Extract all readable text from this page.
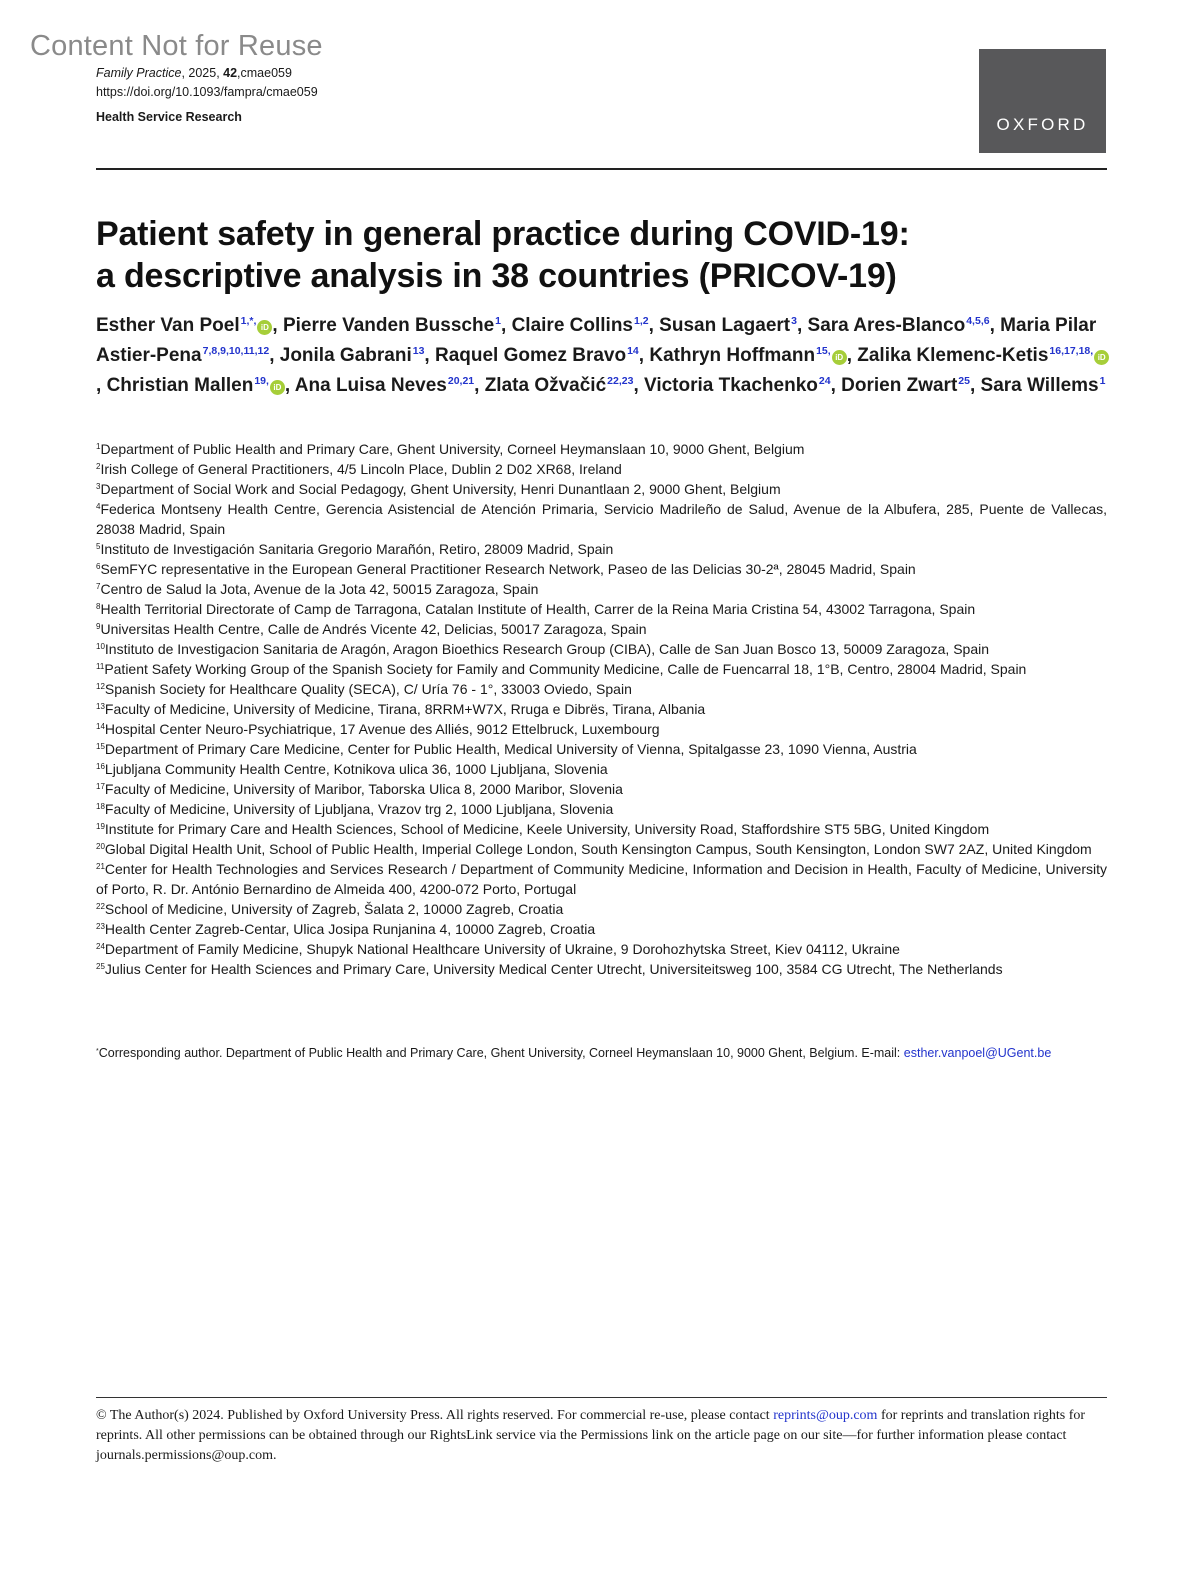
Content Not for Reuse
Family Practice, 2025, 42,cmae059
https://doi.org/10.1093/fampra/cmae059
Health Service Research	OXFORD
Patient safety in general practice during COVID-19:
a descriptive analysis in 38 countries (PRICOV-19)
Esther Van Poel$^{1,*,}$iD , Pierre Vanden Bussche$^1$, Claire Collins$^{1,2}$, Susan Lagaert$^3$, Sara Ares-Blanco$^{4,5,6}$, Maria Pilar Astier-Pena$^{7,8,9,10,11,12}$, Jonila Gabrani$^{13}$, Raquel Gomez Bravo$^{14}$, Kathryn Hoffmann$^{15,}$iD , Zalika Klemenc-Ketis$^{16,17,18,}$iD, Christian Mallen$^{19,}$iD , Ana Luisa Neves$^{20,21}$, Zlata Ožvačić$^{22,23}$, Victoria Tkachenko$^{24}$, Dorien Zwart$^{25}$, Sara Willems$^1$
$^1$Department of Public Health and Primary Care, Ghent University, Corneel Heymanslaan 10, 9000 Ghent, Belgium
$^2$Irish College of General Practitioners, 4/5 Lincoln Place, Dublin 2 D02 XR68, Ireland
$^3$Department of Social Work and Social Pedagogy, Ghent University, Henri Dunantlaan 2, 9000 Ghent, Belgium
$^4$Federica Montseny Health Centre, Gerencia Asistencial de Atención Primaria, Servicio Madrileño de Salud, Avenue de la Albufera, 285, Puente de Vallecas, 28038 Madrid, Spain
$^5$Instituto de Investigación Sanitaria Gregorio Marañón, Retiro, 28009 Madrid, Spain
$^6$SemFYC representative in the European General Practitioner Research Network, Paseo de las Delicias 30-2ª, 28045 Madrid, Spain
$^7$Centro de Salud la Jota, Avenue de la Jota 42, 50015 Zaragoza, Spain
$^8$Health Territorial Directorate of Camp de Tarragona, Catalan Institute of Health, Carrer de la Reina Maria Cristina 54, 43002 Tarragona, Spain
$^9$Universitas Health Centre, Calle de Andrés Vicente 42, Delicias, 50017 Zaragoza, Spain
$^{10}$Instituto de Investigacion Sanitaria de Aragón, Aragon Bioethics Research Group (CIBA), Calle de San Juan Bosco 13, 50009 Zaragoza, Spain
$^{11}$Patient Safety Working Group of the Spanish Society for Family and Community Medicine, Calle de Fuencarral 18, 1°B, Centro, 28004 Madrid, Spain
$^{12}$Spanish Society for Healthcare Quality (SECA), C/ Uría 76 - 1°, 33003 Oviedo, Spain
$^{13}$Faculty of Medicine, University of Medicine, Tirana, 8RRM+W7X, Rruga e Dibrës, Tirana, Albania
$^{14}$Hospital Center Neuro-Psychiatrique, 17 Avenue des Alliés, 9012 Ettelbruck, Luxembourg
$^{15}$Department of Primary Care Medicine, Center for Public Health, Medical University of Vienna, Spitalgasse 23, 1090 Vienna, Austria
$^{16}$Ljubljana Community Health Centre, Kotnikova ulica 36, 1000 Ljubljana, Slovenia
$^{17}$Faculty of Medicine, University of Maribor, Taborska Ulica 8, 2000 Maribor, Slovenia
$^{18}$Faculty of Medicine, University of Ljubljana, Vrazov trg 2, 1000 Ljubljana, Slovenia
$^{19}$Institute for Primary Care and Health Sciences, School of Medicine, Keele University, University Road, Staffordshire ST5 5BG, United Kingdom
$^{20}$Global Digital Health Unit, School of Public Health, Imperial College London, South Kensington Campus, South Kensington, London SW7 2AZ, United Kingdom
$^{21}$Center for Health Technologies and Services Research / Department of Community Medicine, Information and Decision in Health, Faculty of Medicine, University of Porto, R. Dr. António Bernardino de Almeida 400, 4200-072 Porto, Portugal
$^{22}$School of Medicine, University of Zagreb, Šalata 2, 10000 Zagreb, Croatia
$^{23}$Health Center Zagreb-Centar, Ulica Josipa Runjanina 4, 10000 Zagreb, Croatia
$^{24}$Department of Family Medicine, Shupyk National Healthcare University of Ukraine, 9 Dorohozhytska Street, Kiev 04112, Ukraine
$^{25}$Julius Center for Health Sciences and Primary Care, University Medical Center Utrecht, Universiteitsweg 100, 3584 CG Utrecht, The Netherlands
*Corresponding author. Department of Public Health and Primary Care, Ghent University, Corneel Heymanslaan 10, 9000 Ghent, Belgium. E-mail: esther.vanpoel@UGent.be
© The Author(s) 2024. Published by Oxford University Press. All rights reserved. For commercial re-use, please contact reprints@oup.com for reprints and translation rights for reprints. All other permissions can be obtained through our RightsLink service via the Permissions link on the article page on our site—for further information please contact journals.permissions@oup.com.
